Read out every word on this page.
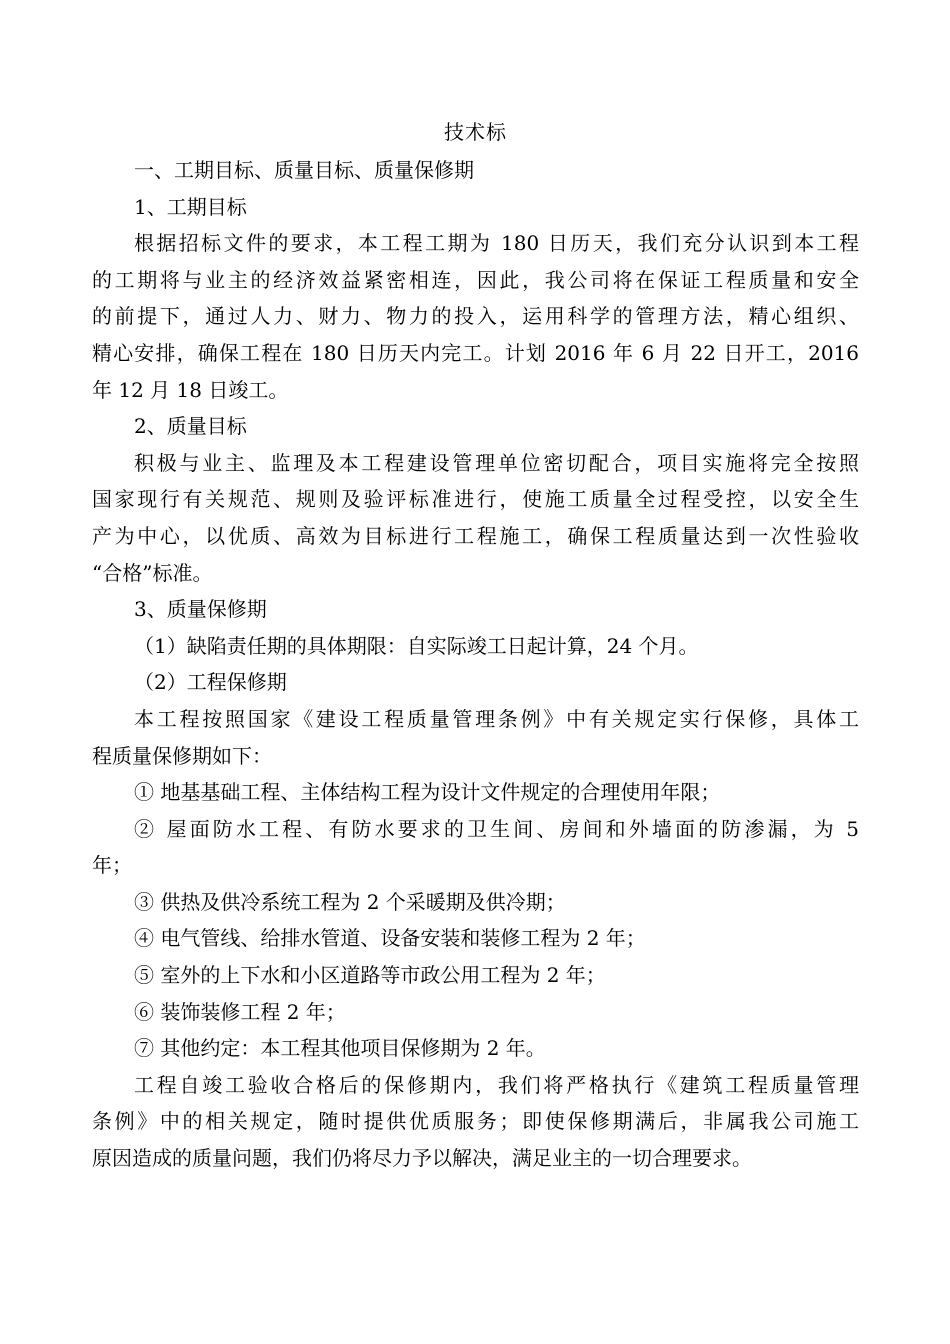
技术标

一、工期目标、质量目标、质量保修期

1、工期目标

根据招标文件的要求，本工程工期为 180 日历天，我们充分认识到本工程

的工期将与业主的经济效益紧密相连，因此，我公司将在保证工程质量和安全

的前提下，通过人力、财力、物力的投入，运用科学的管理方法，精心组织、

精心安排，确保工程在 180 日历天内完工。计划 2016 年 6 月 22 日开工，2016

年 12 月 18 日竣工。

2、质量目标

积极与业主、监理及本工程建设管理单位密切配合，项目实施将完全按照

国家现行有关规范、规则及验评标准进行，使施工质量全过程受控，以安全生

产为中心，以优质、高效为目标进行工程施工，确保工程质量达到一次性验收

“合格”标准。

3、质量保修期

（1）缺陷责任期的具体期限：自实际竣工日起计算，24 个月。

（2）工程保修期

本工程按照国家《建设工程质量管理条例》中有关规定实行保修，具体工

程质量保修期如下：

① 地基基础工程、主体结构工程为设计文件规定的合理使用年限；

② 屋面防水工程、有防水要求的卫生间、房间和外墙面的防渗漏，为 5

年；

③ 供热及供冷系统工程为 2 个采暖期及供冷期；

④ 电气管线、给排水管道、设备安装和装修工程为 2 年；

⑤ 室外的上下水和小区道路等市政公用工程为 2 年；

⑥ 装饰装修工程 2 年；

⑦ 其他约定：本工程其他项目保修期为 2 年。

工程自竣工验收合格后的保修期内，我们将严格执行《建筑工程质量管理

条例》中的相关规定，随时提供优质服务；即使保修期满后，非属我公司施工

原因造成的质量问题，我们仍将尽力予以解决，满足业主的一切合理要求。
